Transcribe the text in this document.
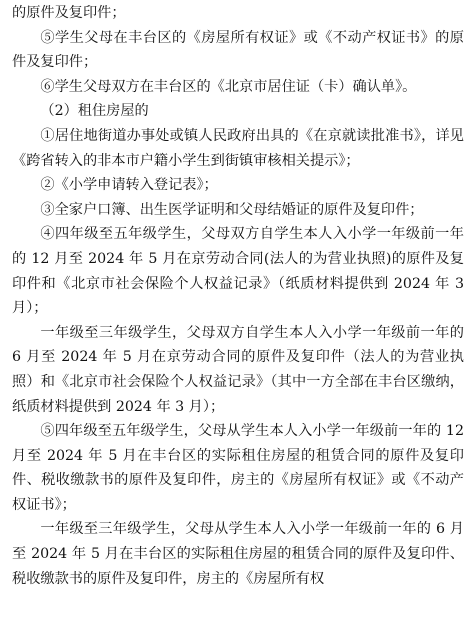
的原件及复印件；

⑤学生父母在丰台区的《房屋所有权证》或《不动产权证书》的原件及复印件；

⑥学生父母双方在丰台区的《北京市居住证（卡）确认单》。

（2）租住房屋的

①居住地街道办事处或镇人民政府出具的《在京就读批准书》，详见《跨省转入的非本市户籍小学生到街镇审核相关提示》；

②《小学申请转入登记表》；

③全家户口簿、出生医学证明和父母结婚证的原件及复印件；

④四年级至五年级学生，父母双方自学生本人入小学一年级前一年的 12 月至 2024 年 5 月在京劳动合同(法人的为营业执照)的原件及复印件和《北京市社会保险个人权益记录》（纸质材料提供到 2024 年 3 月）；

一年级至三年级学生，父母双方自学生本人入小学一年级前一年的 6 月至 2024 年 5 月在京劳动合同的原件及复印件（法人的为营业执照）和《北京市社会保险个人权益记录》（其中一方全部在丰台区缴纳，纸质材料提供到 2024 年 3 月）；

⑤四年级至五年级学生，父母从学生本人入小学一年级前一年的 12 月至 2024 年 5 月在丰台区的实际租住房屋的租赁合同的原件及复印件、税收缴款书的原件及复印件，房主的《房屋所有权证》或《不动产权证书》；

一年级至三年级学生，父母从学生本人入小学一年级前一年的 6 月至 2024 年 5 月在丰台区的实际租住房屋的租赁合同的原件及复印件、税收缴款书的原件及复印件，房主的《房屋所有权
